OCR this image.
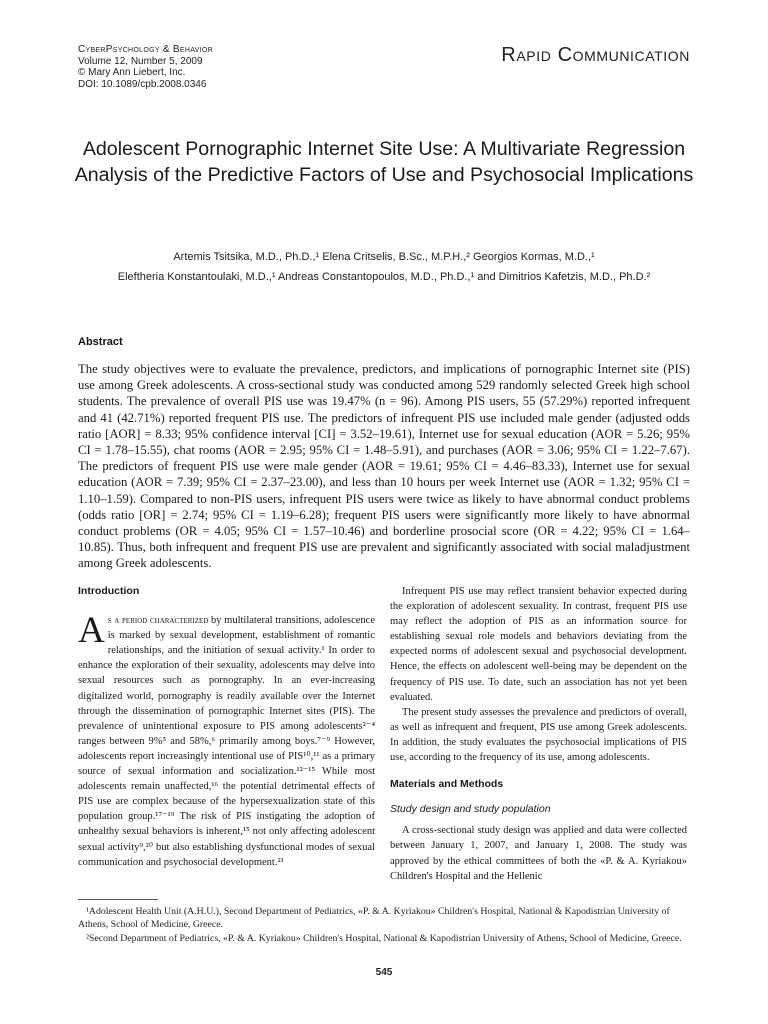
CyberPsychology & Behavior
Volume 12, Number 5, 2009
© Mary Ann Liebert, Inc.
DOI: 10.1089/cpb.2008.0346
Rapid Communication
Adolescent Pornographic Internet Site Use: A Multivariate Regression Analysis of the Predictive Factors of Use and Psychosocial Implications
Artemis Tsitsika, M.D., Ph.D.,¹ Elena Critselis, B.Sc., M.P.H.,² Georgios Kormas, M.D.,¹
Eleftheria Konstantoulaki, M.D.,¹ Andreas Constantopoulos, M.D., Ph.D.,¹ and Dimitrios Kafetzis, M.D., Ph.D.²
Abstract
The study objectives were to evaluate the prevalence, predictors, and implications of pornographic Internet site (PIS) use among Greek adolescents. A cross-sectional study was conducted among 529 randomly selected Greek high school students. The prevalence of overall PIS use was 19.47% (n = 96). Among PIS users, 55 (57.29%) reported infrequent and 41 (42.71%) reported frequent PIS use. The predictors of infrequent PIS use included male gender (adjusted odds ratio [AOR] = 8.33; 95% confidence interval [CI] = 3.52–19.61), Internet use for sexual education (AOR = 5.26; 95% CI = 1.78–15.55), chat rooms (AOR = 2.95; 95% CI = 1.48–5.91), and purchases (AOR = 3.06; 95% CI = 1.22–7.67). The predictors of frequent PIS use were male gender (AOR = 19.61; 95% CI = 4.46–83.33), Internet use for sexual education (AOR = 7.39; 95% CI = 2.37–23.00), and less than 10 hours per week Internet use (AOR = 1.32; 95% CI = 1.10–1.59). Compared to non-PIS users, infrequent PIS users were twice as likely to have abnormal conduct problems (odds ratio [OR] = 2.74; 95% CI = 1.19–6.28); frequent PIS users were significantly more likely to have abnormal conduct problems (OR = 4.05; 95% CI = 1.57–10.46) and borderline prosocial score (OR = 4.22; 95% CI = 1.64–10.85). Thus, both infrequent and frequent PIS use are prevalent and significantly associated with social maladjustment among Greek adolescents.
Introduction

As a period characterized by multilateral transitions, adolescence is marked by sexual development, establishment of romantic relationships, and the initiation of sexual activity.¹ In order to enhance the exploration of their sexuality, adolescents may delve into sexual resources such as pornography. In an ever-increasing digitalized world, pornography is readily available over the Internet through the dissemination of pornographic Internet sites (PIS). The prevalence of unintentional exposure to PIS among adolescents²⁻⁴ ranges between 9%⁵ and 58%,⁶ primarily among boys.⁷⁻⁹ However, adolescents report increasingly intentional use of PIS¹⁰,¹¹ as a primary source of sexual information and socialization.¹²⁻¹⁵ While most adolescents remain unaffected,¹⁶ the potential detrimental effects of PIS use are complex because of the hypersexualization state of this population group.¹⁷⁻¹⁹ The risk of PIS instigating the adoption of unhealthy sexual behaviors is inherent,¹⁵ not only affecting adolescent sexual activity⁹,²⁰ but also establishing dysfunctional modes of sexual communication and psychosocial development.²¹

Infrequent PIS use may reflect transient behavior expected during the exploration of adolescent sexuality. In contrast, frequent PIS use may reflect the adoption of PIS as an information source for establishing sexual role models and behaviors deviating from the expected norms of adolescent sexual and psychosocial development. Hence, the effects on adolescent well-being may be dependent on the frequency of PIS use. To date, such an association has not yet been evaluated.

The present study assesses the prevalence and predictors of overall, as well as infrequent and frequent, PIS use among Greek adolescents. In addition, the study evaluates the psychosocial implications of PIS use, according to the frequency of its use, among adolescents.

Materials and Methods
Study design and study population

A cross-sectional study design was applied and data were collected between January 1, 2007, and January 1, 2008. The study was approved by the ethical committees of both the «P. & A. Kyriakou» Children's Hospital and the Hellenic

¹Adolescent Health Unit (A.H.U.), Second Department of Pediatrics, «P. & A. Kyriakou» Children's Hospital, National & Kapodistrian University of Athens, School of Medicine, Greece.

²Second Department of Pediatrics, «P. & A. Kyriakou» Children's Hospital, National & Kapodistrian University of Athens, School of Medicine, Greece.

545
